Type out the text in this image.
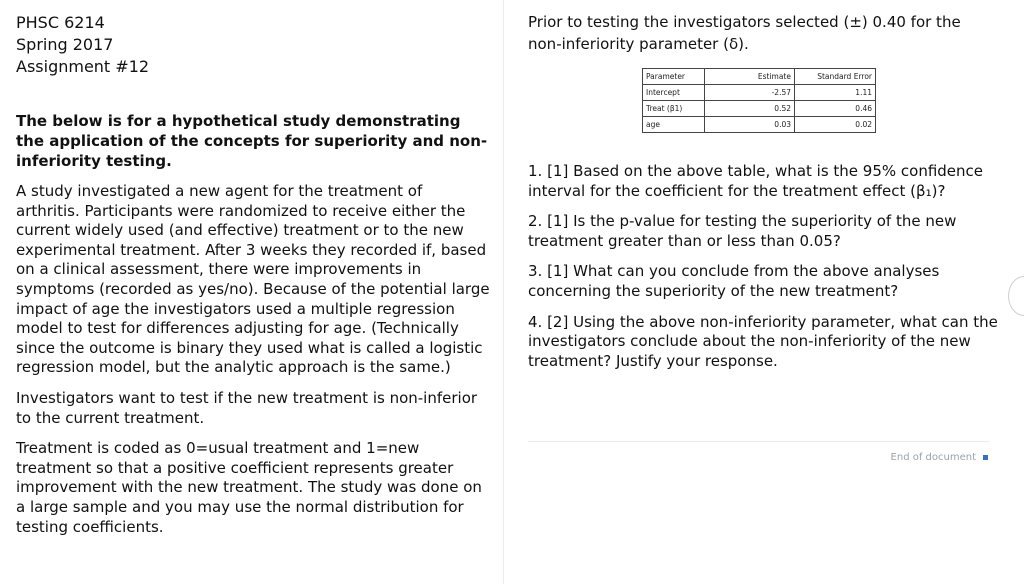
PHSC 6214

Spring 2017

Assignment #12

The below is for a hypothetical study demonstrating the application of the concepts for superiority and non-inferiority testing.

A study investigated a new agent for the treatment of arthritis. Participants were randomized to receive either the current widely used (and effective) treatment or to the new experimental treatment. After 3 weeks they recorded if, based on a clinical assessment, there were improvements in symptoms (recorded as yes/no). Because of the potential large impact of age the investigators used a multiple regression model to test for differences adjusting for age. (Technically since the outcome is binary they used what is called a logistic regression model, but the analytic approach is the same.)

Investigators want to test if the new treatment is non-inferior to the current treatment.

Treatment is coded as 0=usual treatment and 1=new treatment so that a positive coefficient represents greater improvement with the new treatment. The study was done on a large sample and you may use the normal distribution for testing coefficients.

Prior to testing the investigators selected (±) 0.40 for the non-inferiority parameter (δ).

Parameter	Estimate	Standard Error
Intercept	-2.57	1.11
Treat (β1)	0.52	0.46
age	0.03	0.02

1. [1] Based on the above table, what is the 95% confidence interval for the coefficient for the treatment effect (β₁)?

2. [1] Is the p-value for testing the superiority of the new treatment greater than or less than 0.05?

3. [1] What can you conclude from the above analyses concerning the superiority of the new treatment?

4. [2] Using the above non-inferiority parameter, what can the investigators conclude about the non-inferiority of the new treatment? Justify your response.

End of document
